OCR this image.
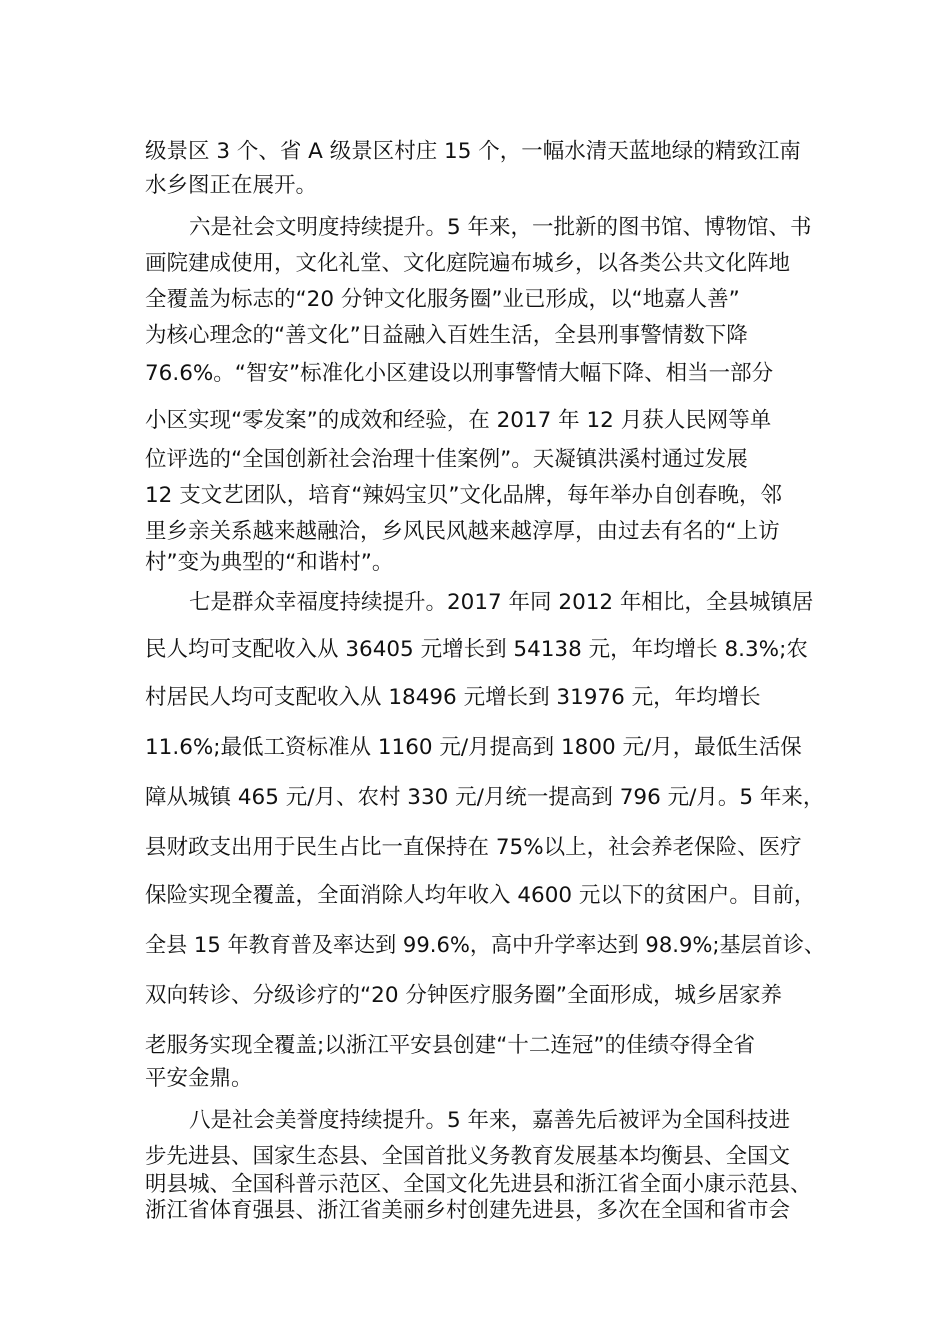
级景区 3 个、省 A 级景区村庄 15 个，一幅水清天蓝地绿的精致江南
水乡图正在展开。
六是社会文明度持续提升。5 年来，一批新的图书馆、博物馆、书
画院建成使用，文化礼堂、文化庭院遍布城乡，以各类公共文化阵地
全覆盖为标志的“20 分钟文化服务圈”业已形成，以“地嘉人善”
为核心理念的“善文化”日益融入百姓生活，全县刑事警情数下降
76.6%。“智安”标准化小区建设以刑事警情大幅下降、相当一部分
小区实现“零发案”的成效和经验，在 2017 年 12 月获人民网等单
位评选的“全国创新社会治理十佳案例”。天凝镇洪溪村通过发展
12 支文艺团队，培育“辣妈宝贝”文化品牌，每年举办自创春晚，邻
里乡亲关系越来越融洽，乡风民风越来越淳厚，由过去有名的“上访
村”变为典型的“和谐村”。
七是群众幸福度持续提升。2017 年同 2012 年相比，全县城镇居
民人均可支配收入从 36405 元增长到 54138 元，年均增长 8.3%;农
村居民人均可支配收入从 18496 元增长到 31976 元，年均增长
11.6%;最低工资标准从 1160 元/月提高到 1800 元/月，最低生活保
障从城镇 465 元/月、农村 330 元/月统一提高到 796 元/月。5 年来，
县财政支出用于民生占比一直保持在 75%以上，社会养老保险、医疗
保险实现全覆盖，全面消除人均年收入 4600 元以下的贫困户。目前，
全县 15 年教育普及率达到 99.6%，高中升学率达到 98.9%;基层首诊、
双向转诊、分级诊疗的“20 分钟医疗服务圈”全面形成，城乡居家养
老服务实现全覆盖;以浙江平安县创建“十二连冠”的佳绩夺得全省
平安金鼎。
八是社会美誉度持续提升。5 年来，嘉善先后被评为全国科技进
步先进县、国家生态县、全国首批义务教育发展基本均衡县、全国文
明县城、全国科普示范区、全国文化先进县和浙江省全面小康示范县、
浙江省体育强县、浙江省美丽乡村创建先进县，多次在全国和省市会
